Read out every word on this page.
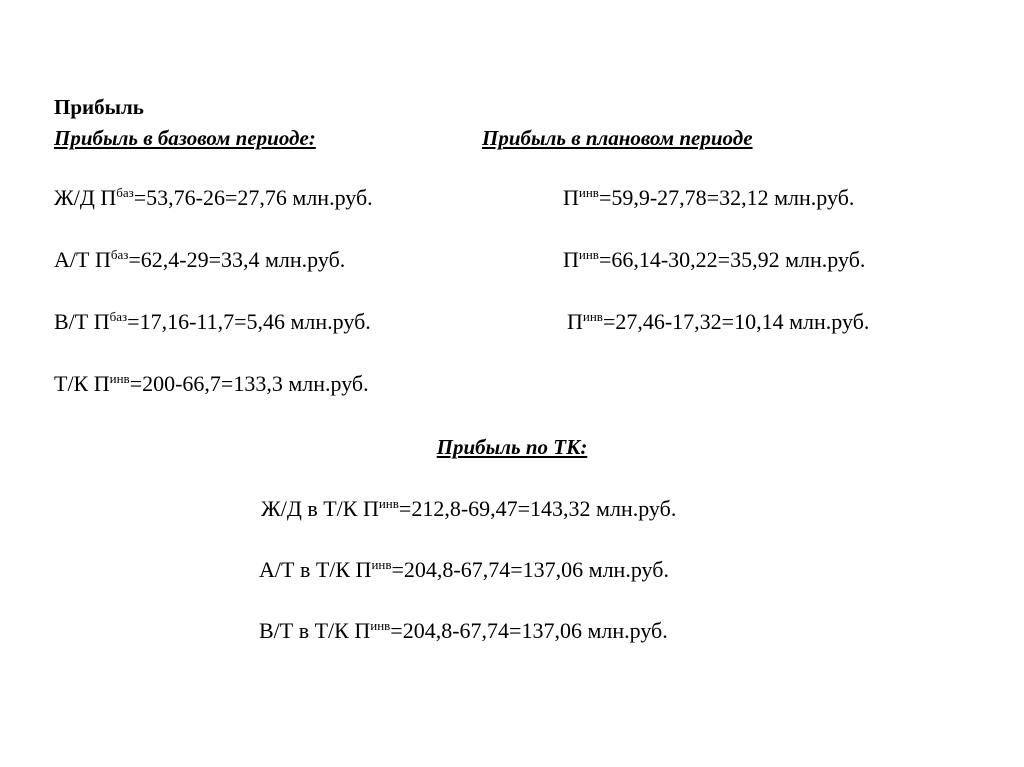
Прибыль
Прибыль в базовом периоде:	Прибыль в плановом периоде
Ж/Д $П^{баз}=53,76-26=27,76$ млн.руб.
А/Т $П^{баз}=62,4-29=33,4$ млн.руб.
В/Т $П^{баз}=17,16-11,7=5,46$ млн.руб.
Т/К $П^{инв}=200-66,7=133,3$ млн.руб.
$П^{инв}=59,9-27,78=32,12$ млн.руб.
$П^{инв}=66,14-30,22=35,92$ млн.руб.
$П^{инв}=27,46-17,32=10,14$ млн.руб.
Прибыль по ТК:
Ж/Д в Т/К $П^{инв}=212,8-69,47=143,32$ млн.руб.
А/Т в Т/К $П^{инв}=204,8-67,74=137,06$ млн.руб.
В/Т в Т/К $П^{инв}=204,8-67,74=137,06$ млн.руб.
